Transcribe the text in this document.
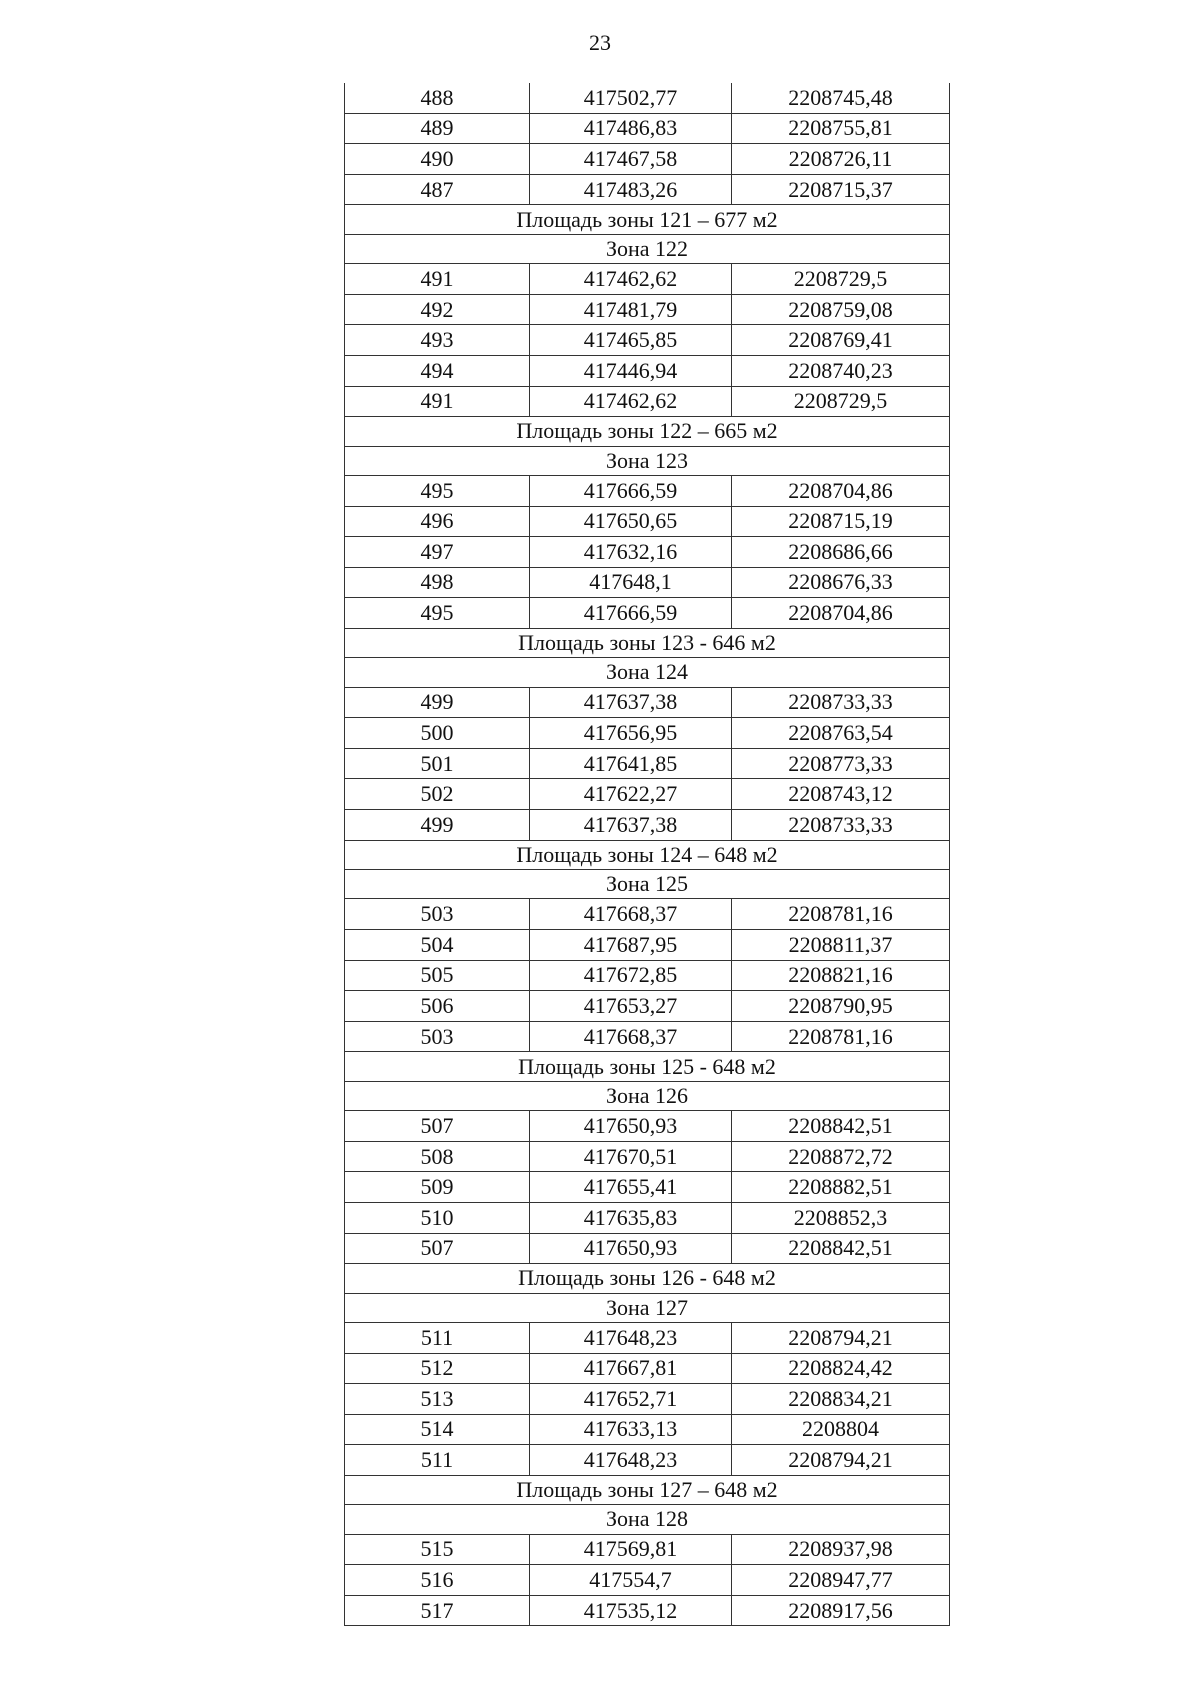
23
488	417502,77	2208745,48
489	417486,83	2208755,81
490	417467,58	2208726,11
487	417483,26	2208715,37
Площадь зоны 121 – 677 м2		
Зона 122		
491	417462,62	2208729,5
492	417481,79	2208759,08
493	417465,85	2208769,41
494	417446,94	2208740,23
491	417462,62	2208729,5
Площадь зоны 122 – 665 м2		
Зона 123		
495	417666,59	2208704,86
496	417650,65	2208715,19
497	417632,16	2208686,66
498	417648,1	2208676,33
495	417666,59	2208704,86
Площадь зоны 123 - 646 м2		
Зона 124		
499	417637,38	2208733,33
500	417656,95	2208763,54
501	417641,85	2208773,33
502	417622,27	2208743,12
499	417637,38	2208733,33
Площадь зоны 124 – 648 м2		
Зона 125		
503	417668,37	2208781,16
504	417687,95	2208811,37
505	417672,85	2208821,16
506	417653,27	2208790,95
503	417668,37	2208781,16
Площадь зоны 125 - 648 м2		
Зона 126		
507	417650,93	2208842,51
508	417670,51	2208872,72
509	417655,41	2208882,51
510	417635,83	2208852,3
507	417650,93	2208842,51
Площадь зоны 126 - 648 м2		
Зона 127		
511	417648,23	2208794,21
512	417667,81	2208824,42
513	417652,71	2208834,21
514	417633,13	2208804
511	417648,23	2208794,21
Площадь зоны 127 – 648 м2		
Зона 128		
515	417569,81	2208937,98
516	417554,7	2208947,77
517	417535,12	2208917,56
